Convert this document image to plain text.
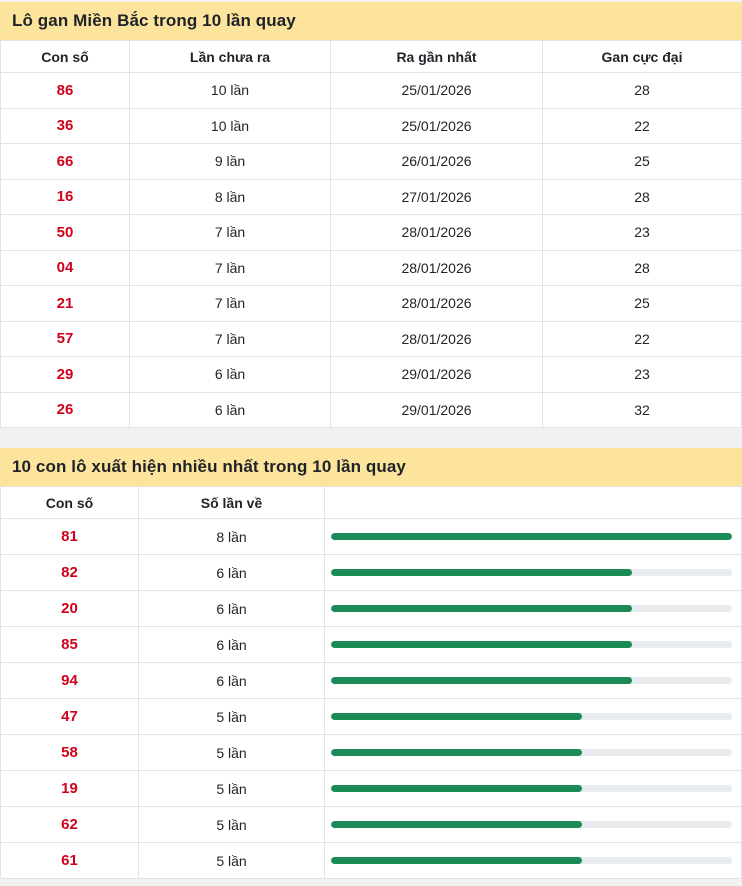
Lô gan Miền Bắc trong 10 lần quay
Con số	Lần chưa ra	Ra gần nhất	Gan cực đại
86	10 lần	25/01/2026	28
36	10 lần	25/01/2026	22
66	9 lần	26/01/2026	25
16	8 lần	27/01/2026	28
50	7 lần	28/01/2026	23
04	7 lần	28/01/2026	28
21	7 lần	28/01/2026	25
57	7 lần	28/01/2026	22
29	6 lần	29/01/2026	23
26	6 lần	29/01/2026	32
10 con lô xuất hiện nhiều nhất trong 10 lần quay
Con số	Số lần về	
81	8 lần	

82	6 lần	

20	6 lần	

85	6 lần	

94	6 lần	

47	5 lần	

58	5 lần	

19	5 lần	

62	5 lần	

61	5 lần	
